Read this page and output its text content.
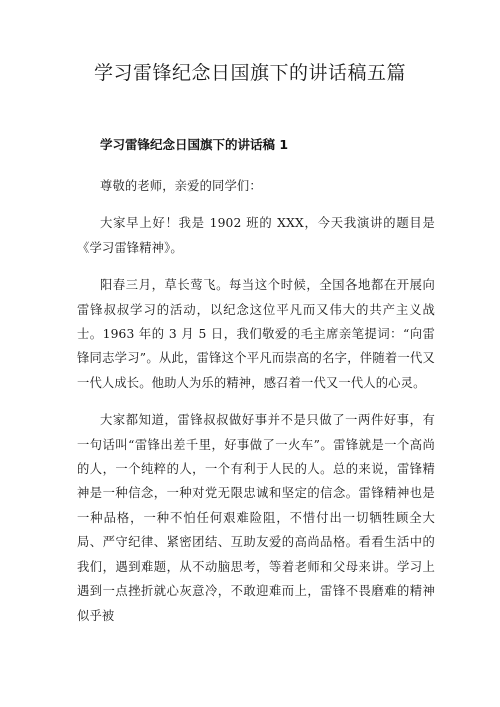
学习雷锋纪念日国旗下的讲话稿五篇
学习雷锋纪念日国旗下的讲话稿 1

尊敬的老师，亲爱的同学们：

大家早上好！我是 1902 班的 XXX，今天我演讲的题目是《学习雷锋精神》。

阳春三月，草长莺飞。每当这个时候，全国各地都在开展向雷锋叔叔学习的活动，以纪念这位平凡而又伟大的共产主义战士。1963 年的 3 月 5 日，我们敬爱的毛主席亲笔提词：“向雷锋同志学习”。从此，雷锋这个平凡而崇高的名字，伴随着一代又一代人成长。他助人为乐的精神，感召着一代又一代人的心灵。

大家都知道，雷锋叔叔做好事并不是只做了一两件好事，有一句话叫“雷锋出差千里，好事做了一火车”。雷锋就是一个高尚的人，一个纯粹的人，一个有利于人民的人。总的来说，雷锋精神是一种信念，一种对党无限忠诚和坚定的信念。雷锋精神也是一种品格，一种不怕任何艰难险阻，不惜付出一切牺牲顾全大局、严守纪律、紧密团结、互助友爱的高尚品格。看看生活中的我们，遇到难题，从不动脑思考，等着老师和父母来讲。学习上遇到一点挫折就心灰意冷，不敢迎难而上，雷锋不畏磨难的精神似乎被
